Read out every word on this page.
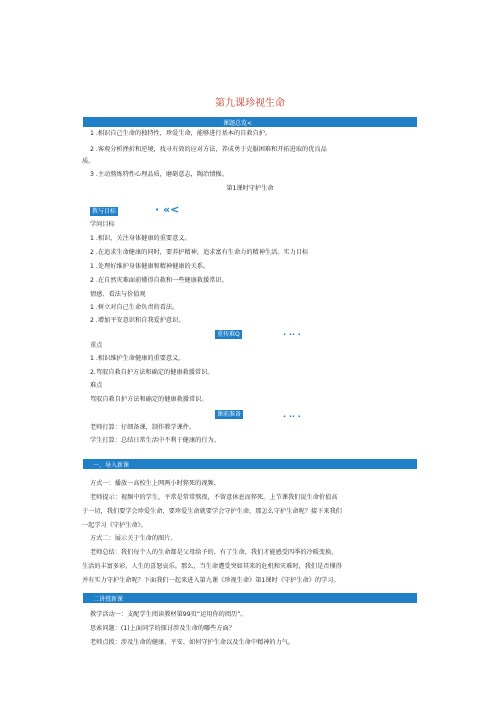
第九课珍视生命
课题总览<
1 .相识自己生命的独特性，珍爱生命，能够进行基本的自救自护。
2 .客观分析挫折和逆境，找寻有效的应对方法，养成勇于克服困难和开拓进取的优良品
质。
3 .主动熬炼特性心理品质，磨砺意志，陶冶情操。
第1课时守护生命
教与目标	· «<
学问目标
1 .相识、关注身体健康的重要意义。
2 .在追求生命健康的同时，要养护精神，追求富有生命力的精神生活。实力目标
1 .处理好维护身体健康和精神健康的关系。
2 .在自然灾难面前懂得自救和一些健康救援常识。
情感、看法与价值观
1 .树立对自己生命负责的看法。
2 .增加平安意识和自我爱护意识。
重抟难Q	· ·· ·
重点
1 .相识维护生命健康的重要意义。
2.驾驭自救自护方法和确定的健康救援常识。
难点
驾驭自救自护方法和确定的健康救援常识。
课前准备	· ·· ·
老师打算：仔细备课，制作教学课件。
学生打算：总结日常生活中不利于健康的行为。
一、导入新课
方式一：播放一高校生上网两小时猝死的视频。
老师提示：视频中的学生，平常是常常熬夜，不留意休息而猝死。上节课我们说生命价值高
于一切，我们要学会珍爱生命，要珍爱生命就要学会守护生命，那怎么守护生命呢？接下来我们
一起学习《守护生命》。
方式二：展示关于生命的图片。
老师总结：我们每个人的生命都是父母给予的，有了生命，我们才能感受四季的冷暖变换、
生活的丰富多彩、人生的喜怒哀乐。那么，当生命遭受突如其来的危机和灾难时，我们是否懂得
并有实力守护生命呢？下面我们一起来进入第九课《珍视生命》第1课时《守护生命》的学习。
二讲授新课
教学活动一：支配学生阅读教材第99页“运用你的阅历”。
思索问题：(1)上面同学的探讨涉及生命的哪些方面？
老师点拨：涉及生命的健康、平安、如何守护生命以及生命中精神的力气。
